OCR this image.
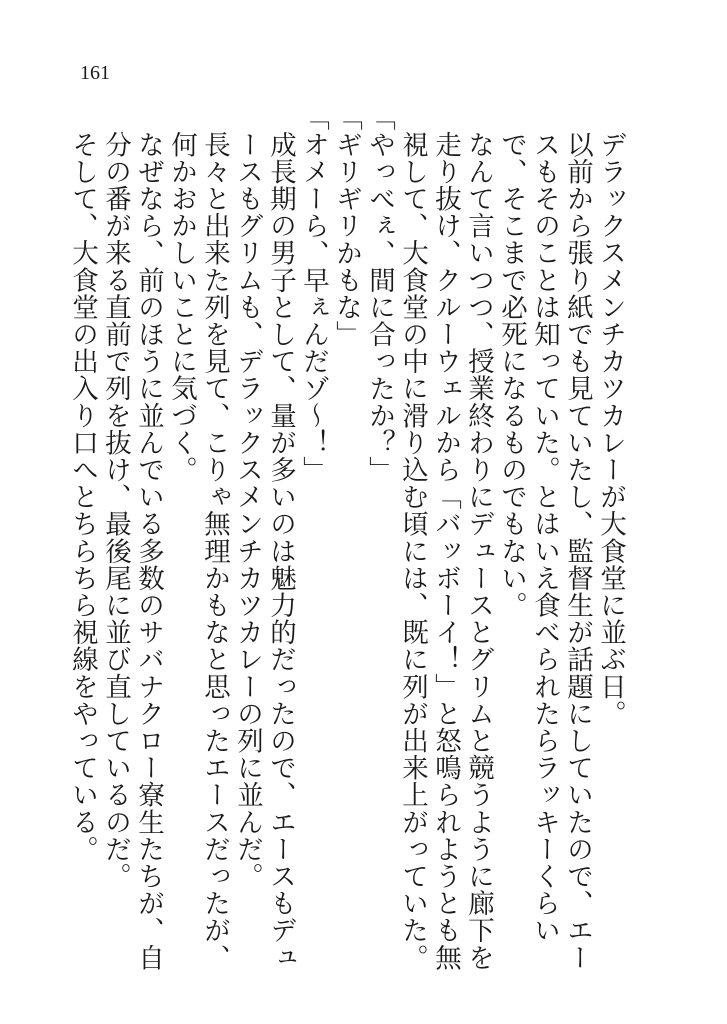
161

デラックスメンチカツカレーが大食堂に並ぶ日。

以前から張り紙でも見ていたし、監督生が話題にしていたので、エースもそのことは知っていた。とはいえ食べられたらラッキーくらいで、そこまで必死になるものでもない。

なんて言いつつ、授業終わりにデュースとグリムと競うように廊下を走り抜け、クルーウェルから「バッボーイ！」と怒鳴られようとも無視して、大食堂の中に滑り込む頃には、既に列が出来上がっていた。

「やっべぇ、間に合ったか？」

「ギリギリかもな」

「オメーら、早ぇんだゾ～！」

成長期の男子として、量が多いのは魅力的だったので、エースもデュースもグリムも、デラックスメンチカツカレーの列に並んだ。

長々と出来た列を見て、こりゃ無理かもなと思ったエースだったが、何かおかしいことに気づく。

なぜなら、前のほうに並んでいる多数のサバナクロー寮生たちが、自分の番が来る直前で列を抜け、最後尾に並び直しているのだ。

そして、大食堂の出入り口へとちらちら視線をやっている。
